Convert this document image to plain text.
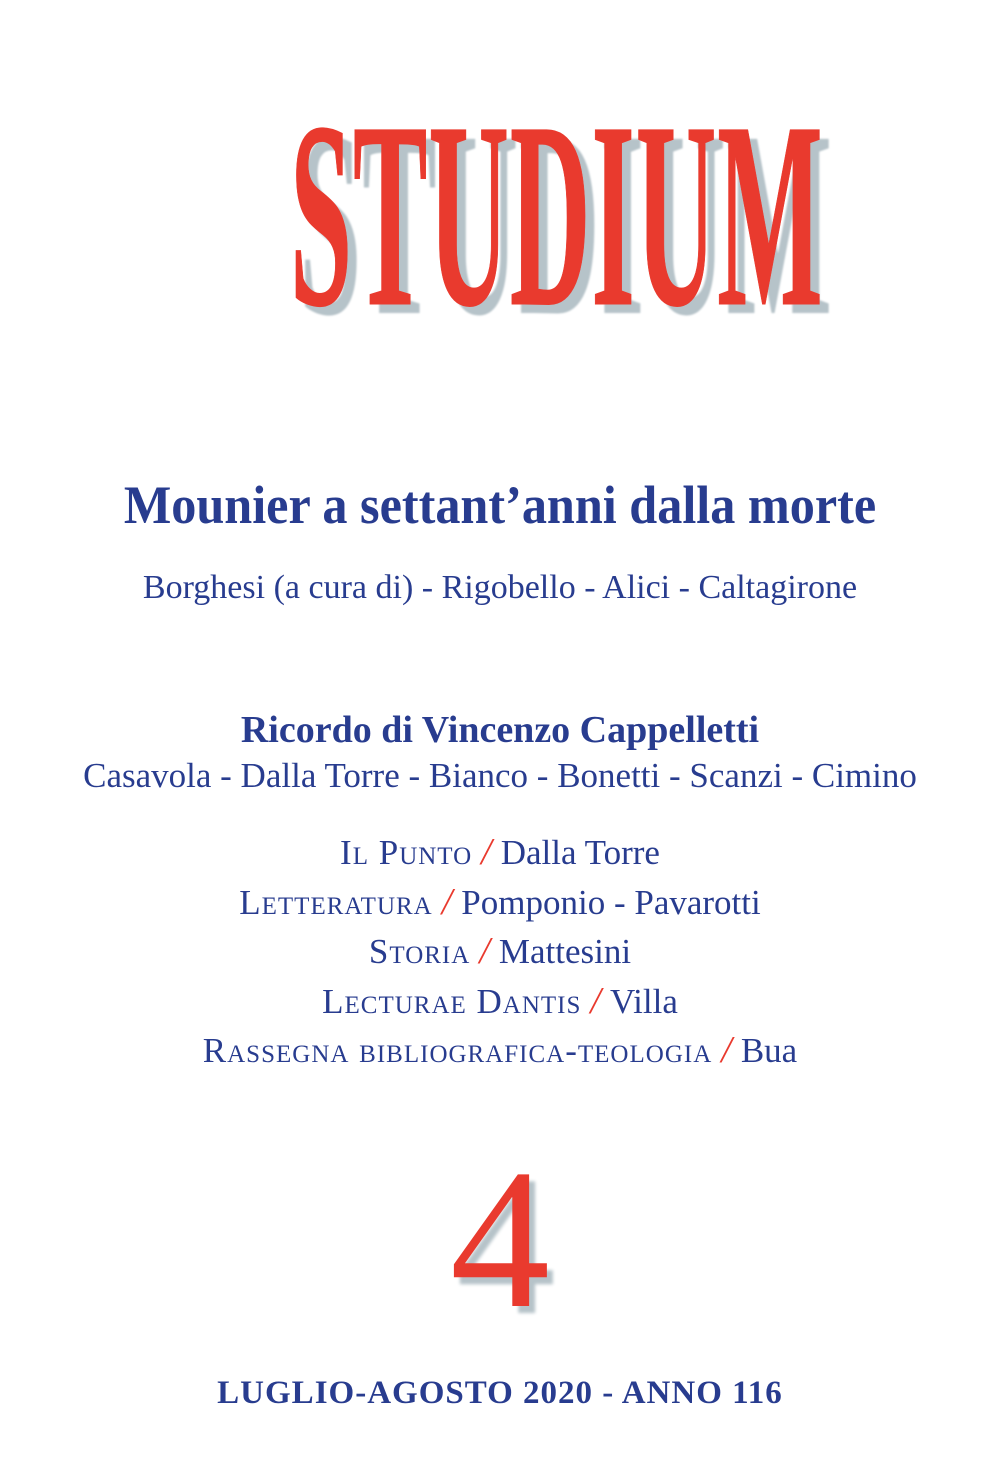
STUDIUM
Mounier a settant’anni dalla morte
Borghesi (a cura di) - Rigobello - Alici - Caltagirone
Ricordo di Vincenzo Cappelletti
Casavola - Dalla Torre - Bianco - Bonetti - Scanzi - Cimino
Il Punto / Dalla Torre
Letteratura / Pomponio - Pavarotti
Storia / Mattesini
Lecturae Dantis / Villa
Rassegna bibliografica-teologia / Bua
4
LUGLIO-AGOSTO 2020 - ANNO 116
